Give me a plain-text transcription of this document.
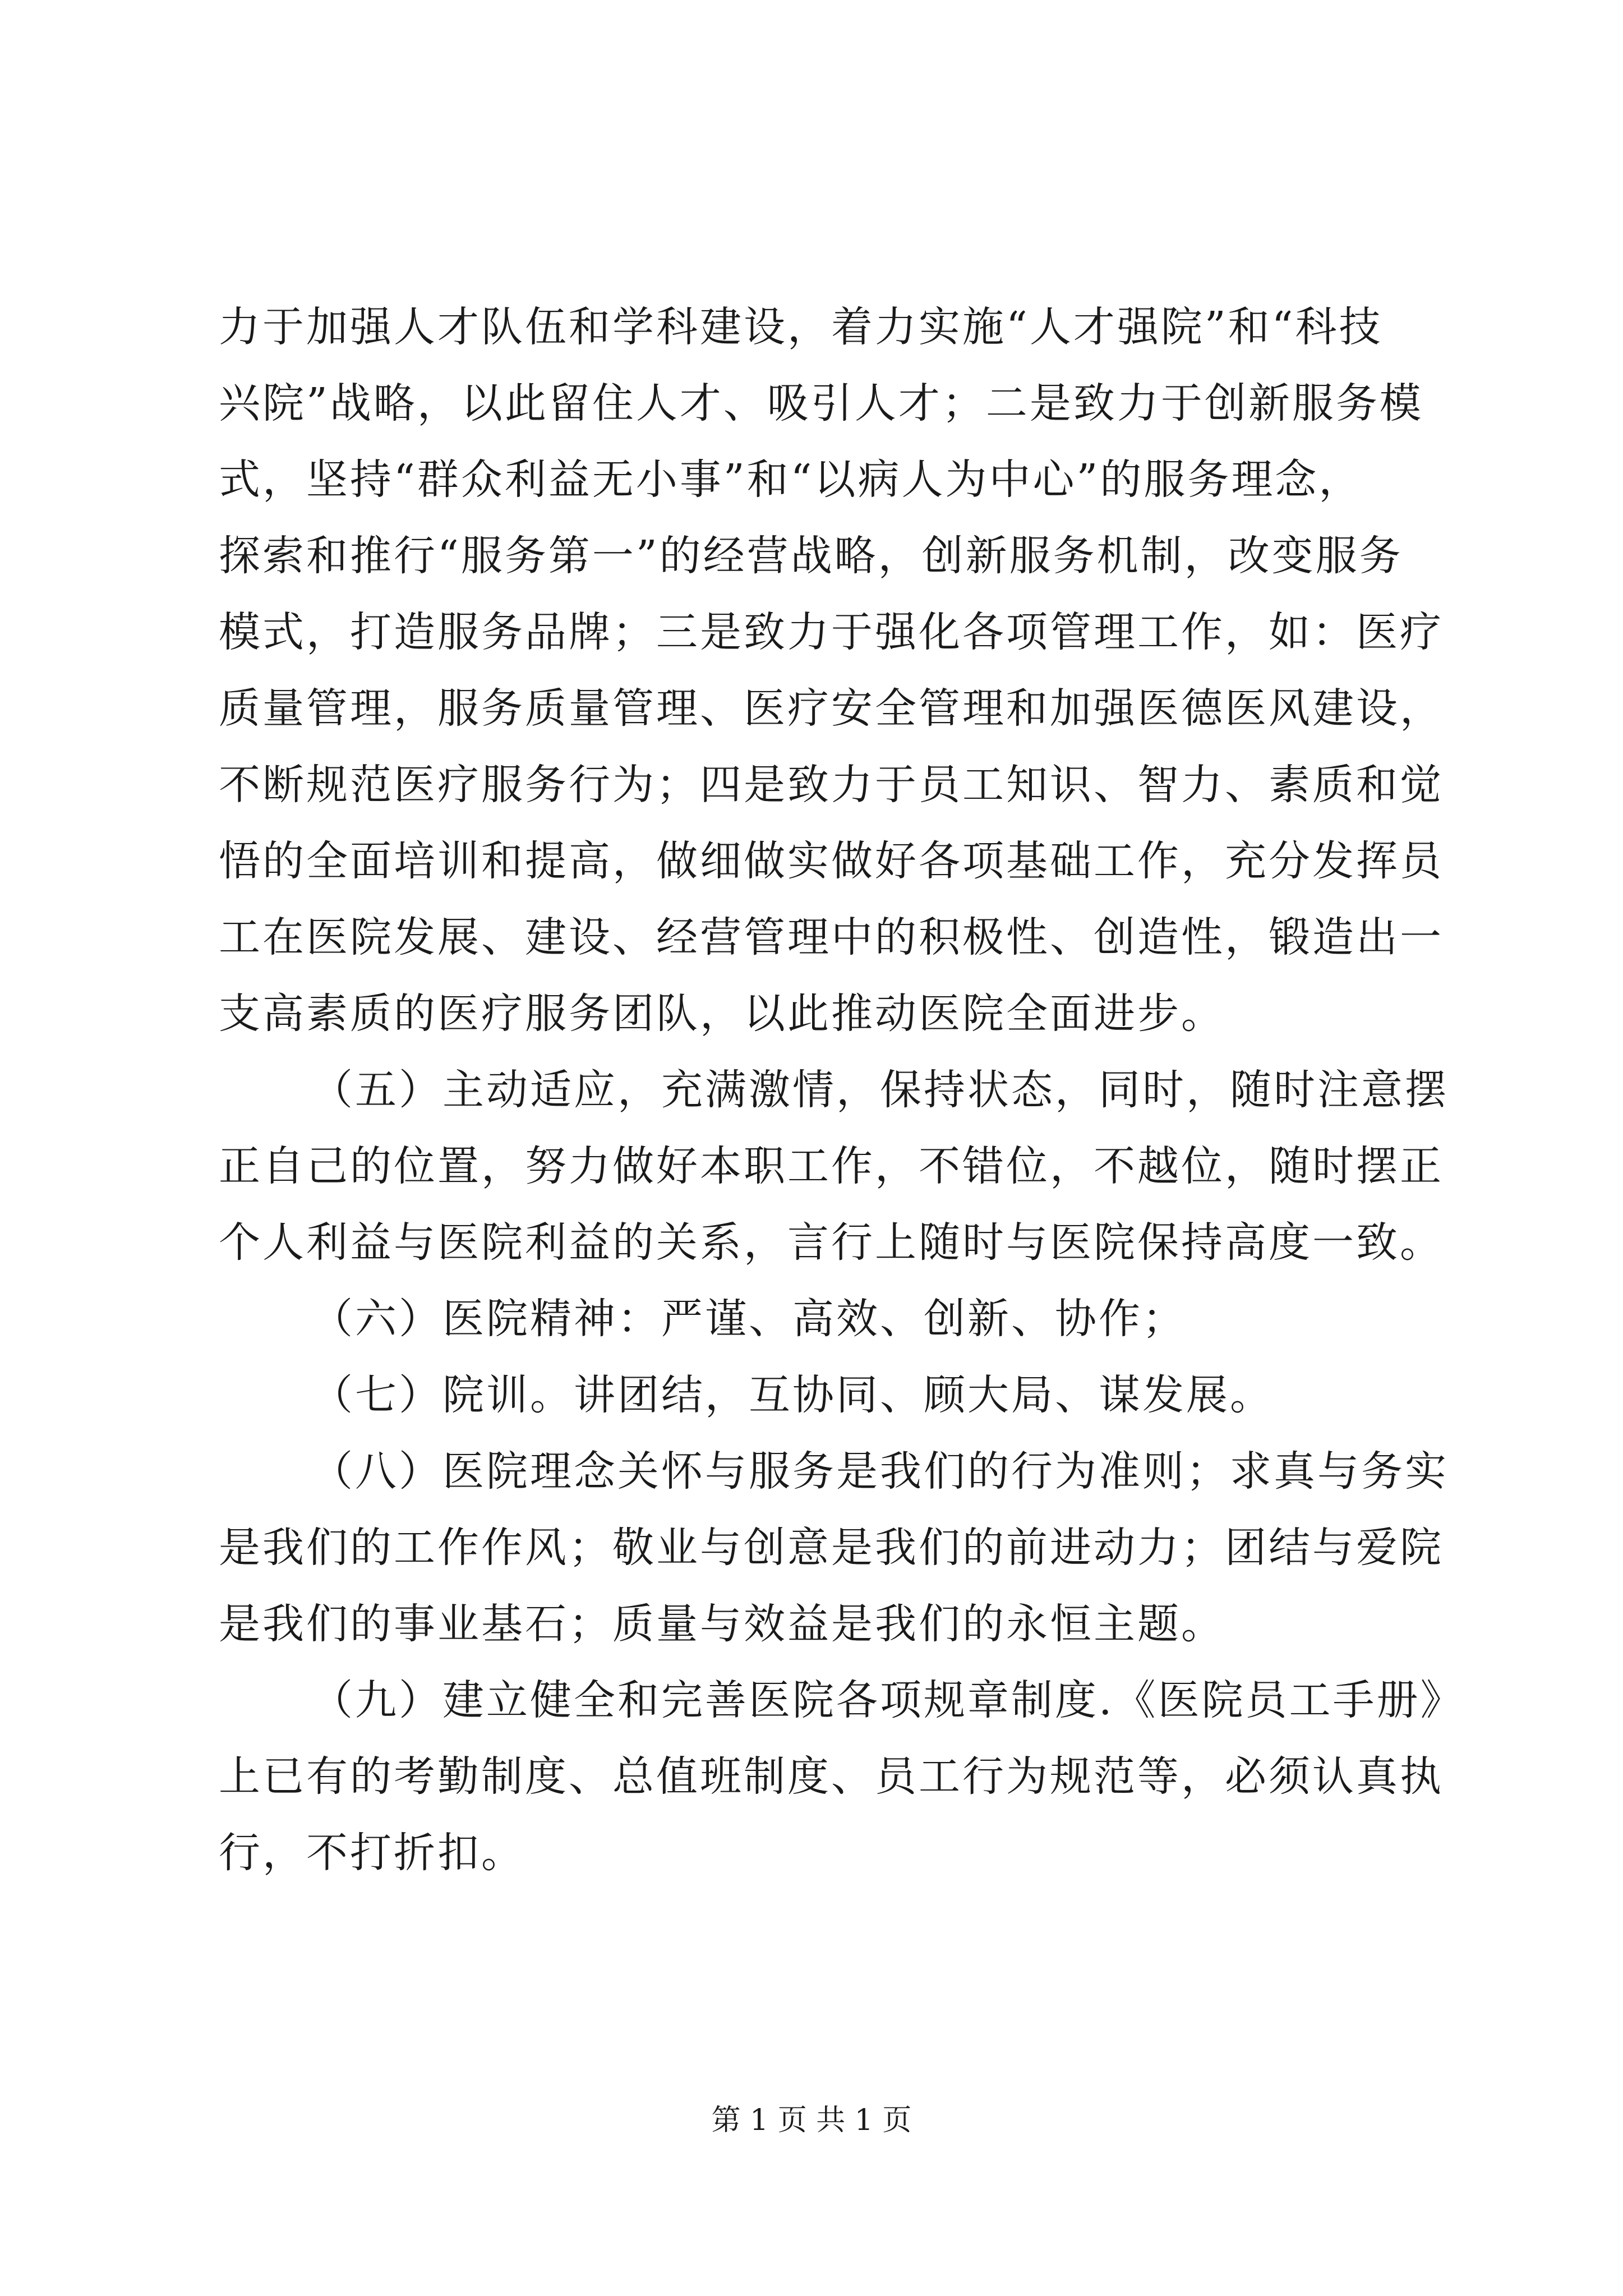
力于加强人才队伍和学科建设，着力实施“人才强院”和“科技
兴院”战略，以此留住人才、吸引人才；二是致力于创新服务模
式，坚持“群众利益无小事”和“以病人为中心”的服务理念，
探索和推行“服务第一”的经营战略，创新服务机制，改变服务
模式，打造服务品牌；三是致力于强化各项管理工作，如：医疗
质量管理，服务质量管理、医疗安全管理和加强医德医风建设，
不断规范医疗服务行为；四是致力于员工知识、智力、素质和觉
悟的全面培训和提高，做细做实做好各项基础工作，充分发挥员
工在医院发展、建设、经营管理中的积极性、创造性，锻造出一
支高素质的医疗服务团队，以此推动医院全面进步。
（五）主动适应，充满激情，保持状态，同时，随时注意摆
正自己的位置，努力做好本职工作，不错位，不越位，随时摆正
个人利益与医院利益的关系，言行上随时与医院保持高度一致。
（六）医院精神：严谨、高效、创新、协作；
（七）院训。讲团结，互协同、顾大局、谋发展。
（八）医院理念关怀与服务是我们的行为准则；求真与务实
是我们的工作作风；敬业与创意是我们的前进动力；团结与爱院
是我们的事业基石；质量与效益是我们的永恒主题。
（九）建立健全和完善医院各项规章制度.《医院员工手册》
上已有的考勤制度、总值班制度、员工行为规范等，必须认真执
行，不打折扣。
第 1 页 共 1 页
